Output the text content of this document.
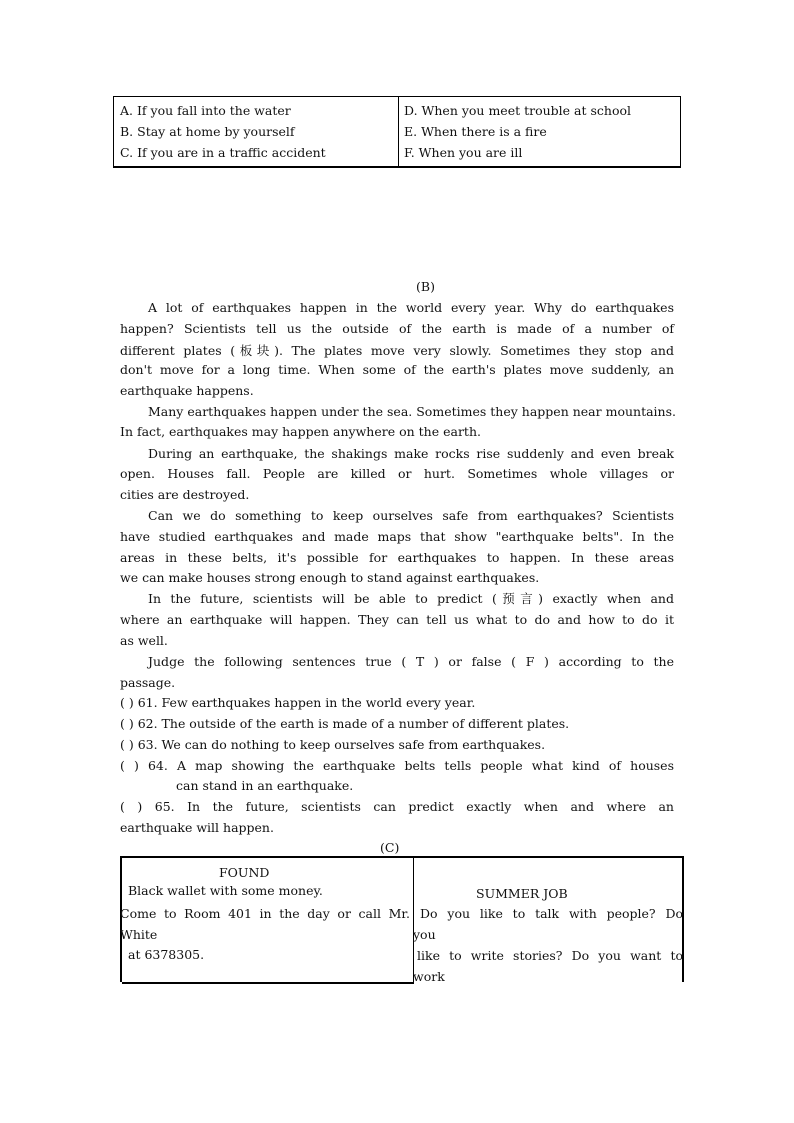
A. If you fall into the water
B. Stay at home by yourself
C. If you are in a traffic accident
D. When you meet trouble at school
E. When there is a fire
F. When you are ill
(B)
A lot of earthquakes happen in the world every year. Why do earthquakes
happen? Scientists tell us the outside of the earth is made of a number of
different plates (板块). The plates move very slowly. Sometimes they stop and
don't move for a long time. When some of the earth's plates move suddenly, an
earthquake happens.
Many earthquakes happen under the sea. Sometimes they happen near mountains.
In fact, earthquakes may happen anywhere on the earth.
During an earthquake, the shakings make rocks rise suddenly and even break
open. Houses fall. People are killed or hurt. Sometimes whole villages or
cities are destroyed.
Can we do something to keep ourselves safe from earthquakes? Scientists
have studied earthquakes and made maps that show "earthquake belts". In the
areas in these belts, it's possible for earthquakes to happen. In these areas
we can make houses strong enough to stand against earthquakes.
In the future, scientists will be able to predict (预言) exactly when and
where an earthquake will happen. They can tell us what to do and how to do it
as well.
Judge the following sentences true ( T ) or false ( F ) according to the
passage.
( ) 61. Few earthquakes happen in the world every year.
( ) 62. The outside of the earth is made of a number of different plates.
( ) 63. We can do nothing to keep ourselves safe from earthquakes.
( ) 64. A map showing the earthquake belts tells people what kind of houses
can stand in an earthquake.
( ) 65. In the future, scientists can predict exactly when and where an
earthquake will happen.
(C)
FOUND
Black wallet with some money.
Come to Room 401 in the day or call Mr.
White
at 6378305.
SUMMER JOB
Do you like to talk with people? Do
you
like to write stories? Do you want to
work
